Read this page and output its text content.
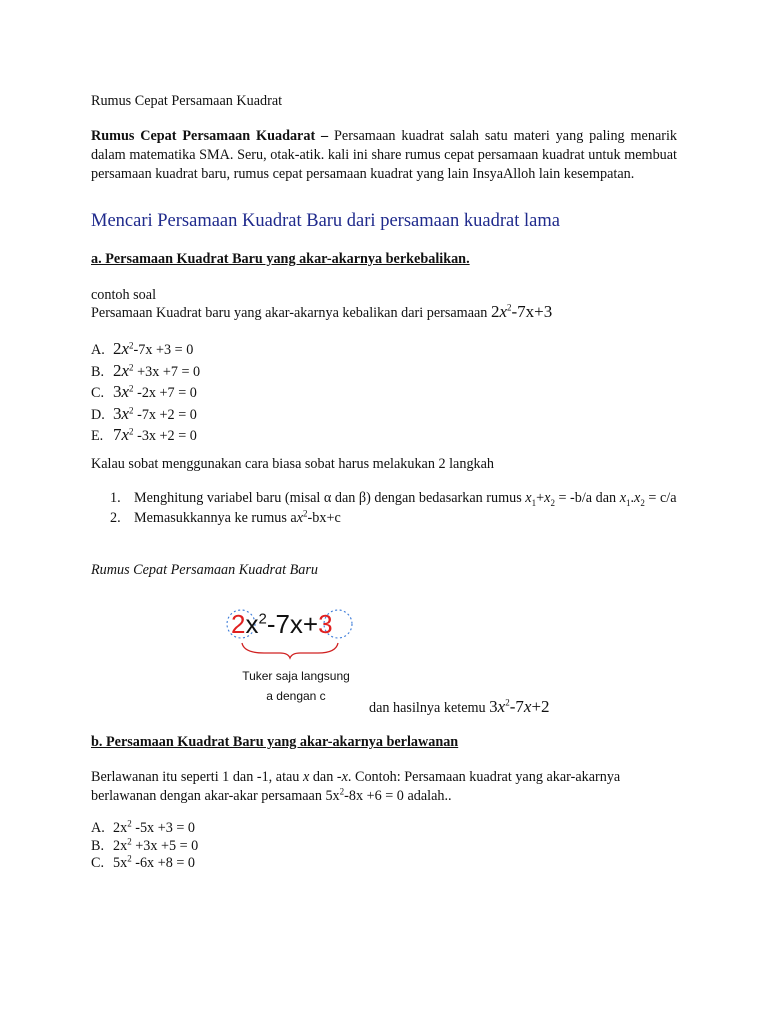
Rumus Cepat Persamaan Kuadrat
Rumus Cepat Persamaan Kuadarat – Persamaan kuadrat salah satu materi yang paling menarik dalam matematika SMA. Seru, otak-atik. kali ini share rumus cepat persamaan kuadrat untuk membuat persamaan kuadrat baru, rumus cepat persamaan kuadrat yang lain InsyaAlloh lain kesempatan.
Mencari Persamaan Kuadrat Baru dari persamaan kuadrat lama
a. Persamaan Kuadrat Baru yang akar-akarnya berkebalikan.
contoh soal
Persamaan Kuadrat baru yang akar-akarnya kebalikan dari persamaan $2x^2-7x+3$
A. $2x^2-7x +3 = 0$
B. $2x^2 +3x +7 = 0$
C. $3x^2$ -2x +7 = 0
D. $3x^2$ -7x +2 = 0
E. $7x^2$ -3x +2 = 0
Kalau sobat menggunakan cara biasa sobat harus melakukan 2 langkah
1. Menghitung variabel baru (misal α dan β) dengan bedasarkan rumus $x_1+x_2 = -b/a$ dan $x_1.x_2 = c/a$
2. Memasukkannya ke rumus $ax^2-bx+c$
Rumus Cepat Persamaan Kuadrat Baru
$2x^2-7x+3$
Tuker saja langsung
a dengan c
dan hasilnya ketemu $3x^2-7x+2$
b. Persamaan Kuadrat Baru yang akar-akarnya berlawanan
Berlawanan itu seperti 1 dan -1, atau x dan -x. Contoh: Persamaan kuadrat yang akar-akarnya
berlawanan dengan akar-akar persamaan $5x^2-8x +6 = 0$ adalah..
A. $2x^2$ -5x +3 = 0
B. $2x^2 +3x +5 = 0$
C. $5x^2$ -6x +8 = 0
